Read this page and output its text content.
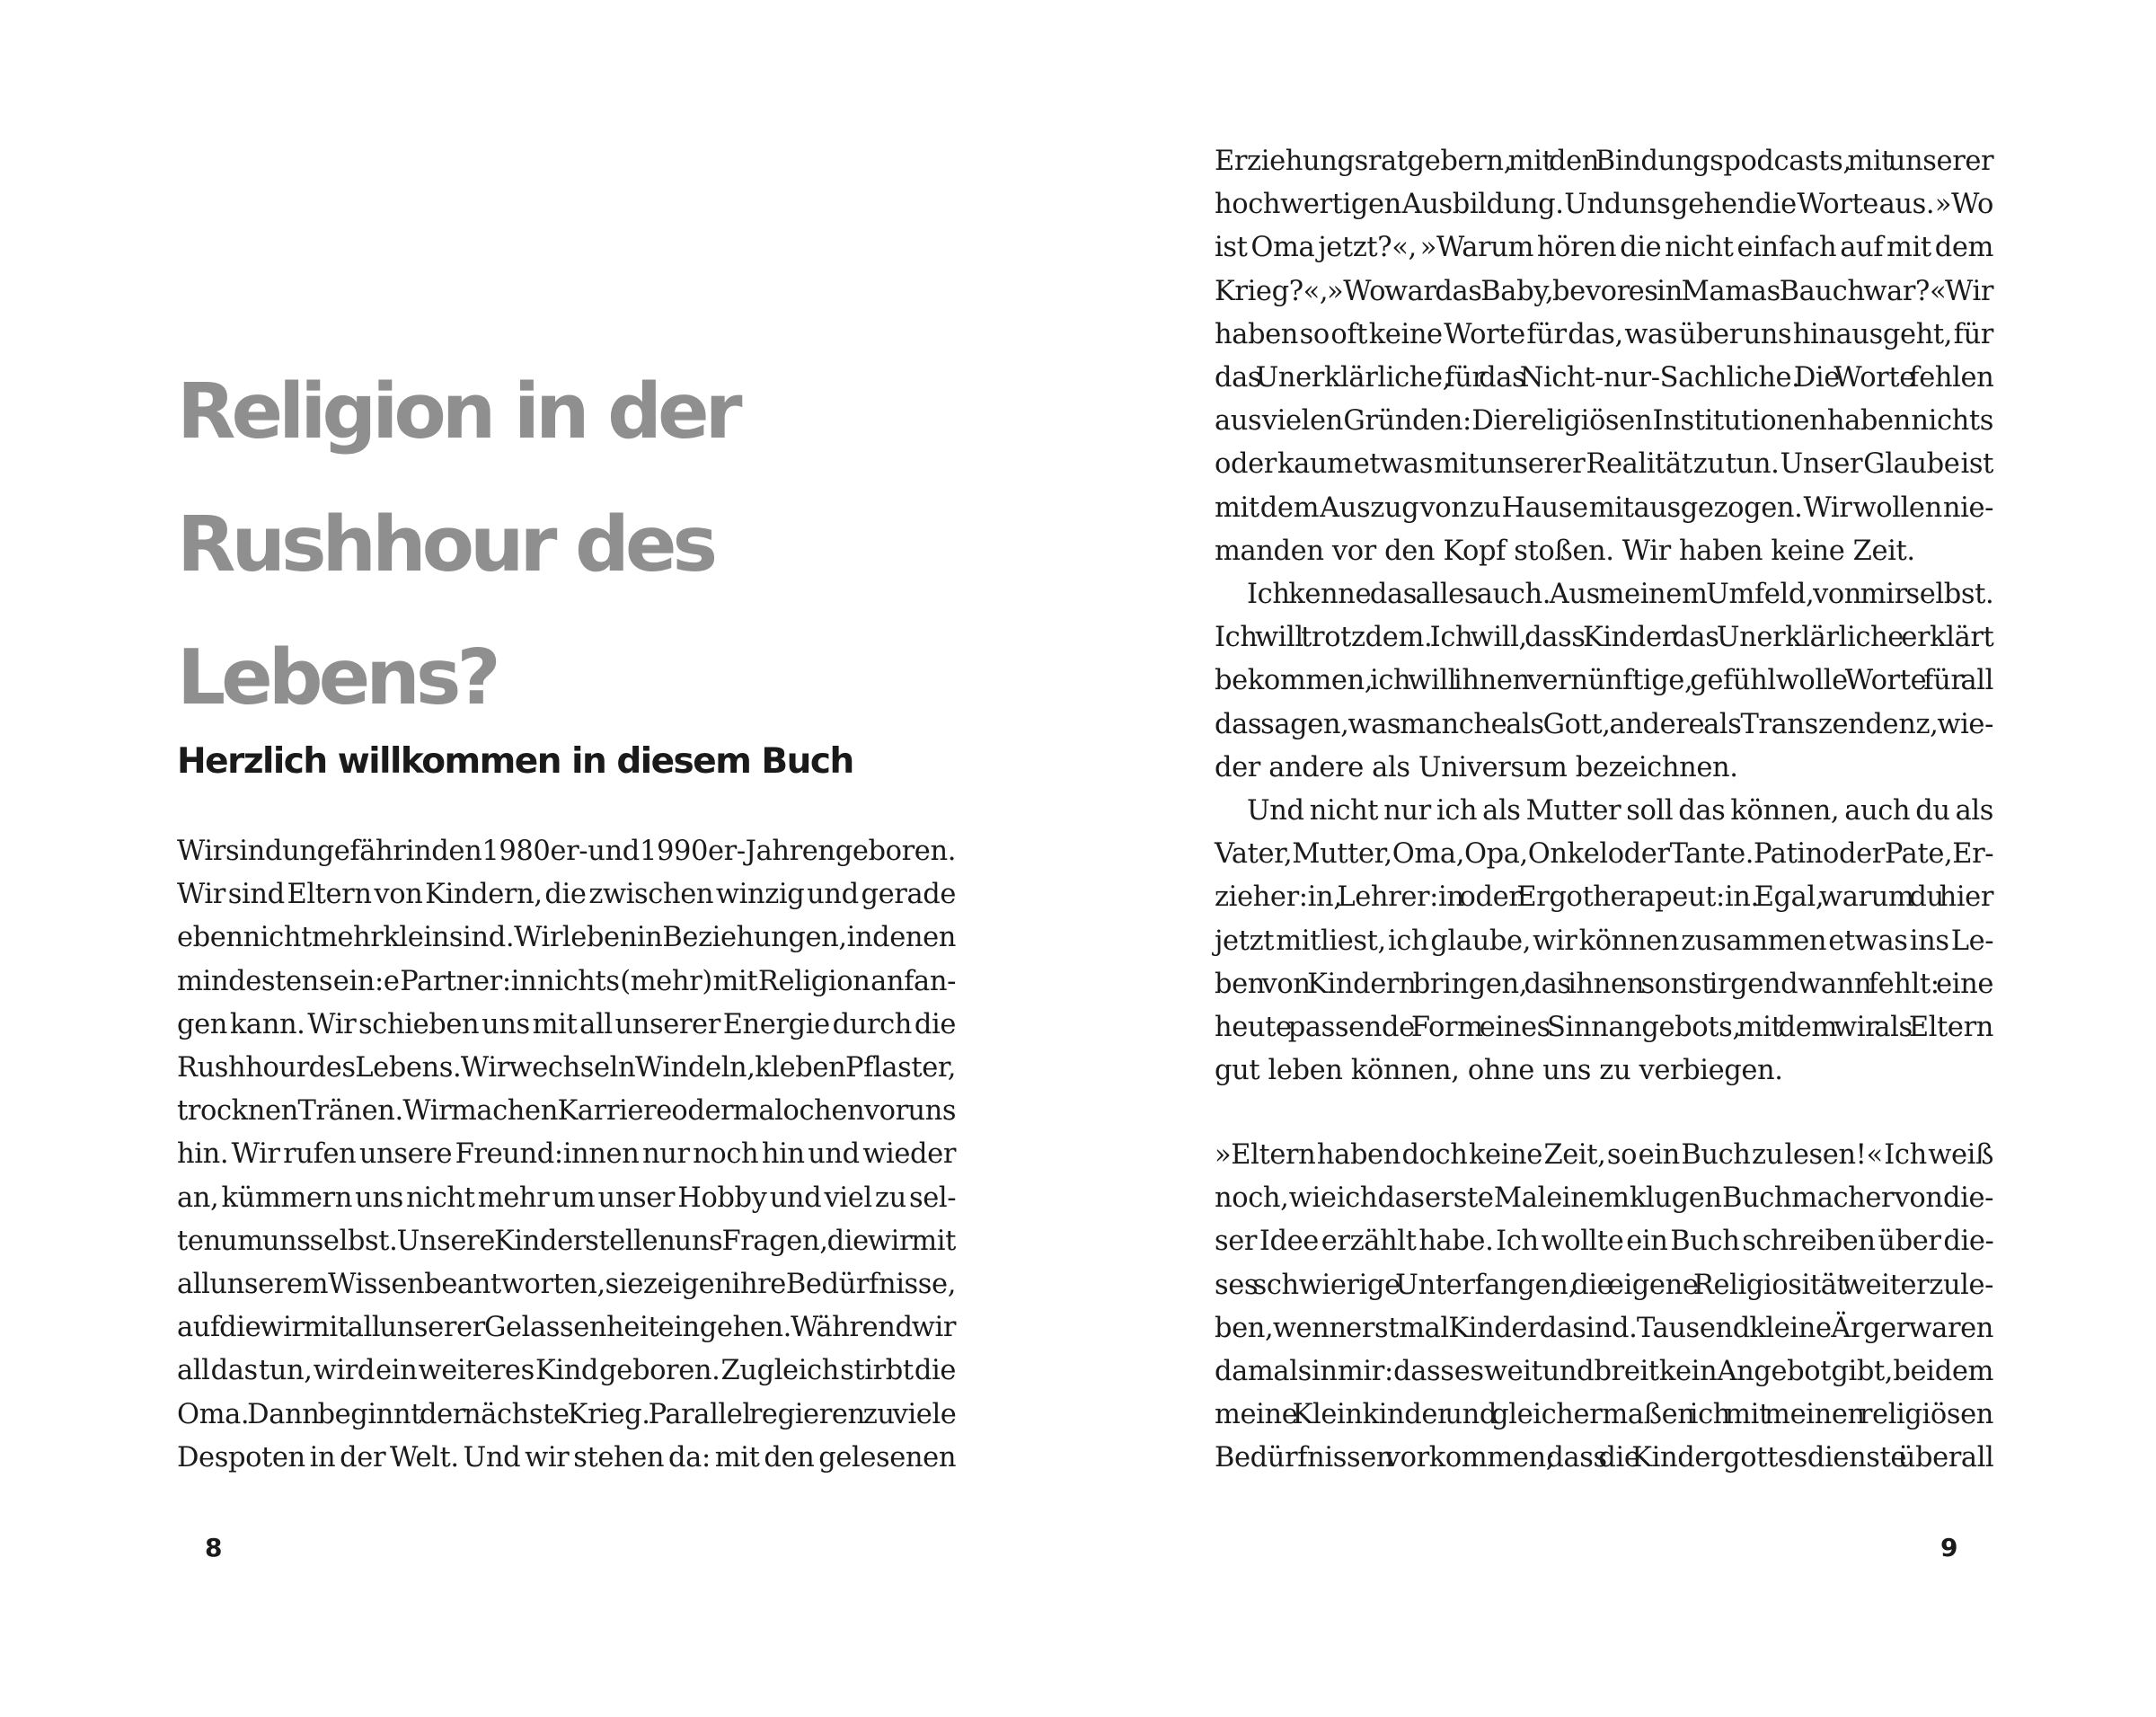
Religion in der
Rushhour des
Lebens?
Herzlich willkommen in diesem Buch
Wir sind ungefähr in den 1980er- und 1990er-Jahren geboren.
Wir sind Eltern von Kindern, die zwischen winzig und gerade
eben nicht mehr klein sind. Wir leben in Beziehungen, in denen
mindestens ein:e Partner:in nichts (mehr) mit Religion anfan-
gen kann. Wir schieben uns mit all unserer Energie durch die
Rushhour des Lebens. Wir wechseln Windeln, kleben Pflaster,
trocknen Tränen. Wir machen Karriere oder malochen vor uns
hin. Wir rufen unsere Freund:innen nur noch hin und wieder
an, kümmern uns nicht mehr um unser Hobby und viel zu sel-
ten um uns selbst. Unsere Kinder stellen uns Fragen, die wir mit
all unserem Wissen beantworten, sie zeigen ihre Bedürfnisse,
auf die wir mit all unserer Gelassenheit eingehen. Während wir
all das tun, wird ein weiteres Kind geboren. Zugleich stirbt die
Oma. Dann beginnt der nächste Krieg. Parallel regieren zu viele
Despoten in der Welt. Und wir stehen da: mit den gelesenen

8

Erziehungsratgebern, mit den Bindungspodcasts, mit unserer
hochwertigen Ausbildung. Und uns gehen die Worte aus. »Wo
ist Oma jetzt?«, »Warum hören die nicht einfach auf mit dem
Krieg?«, »Wo war das Baby, bevor es in Mamas Bauch war?« Wir
haben so oft keine Worte für das, was über uns hinausgeht, für
das Unerklärliche, für das Nicht-nur-Sachliche. Die Worte fehlen
aus vielen Gründen: Die religiösen Institutionen haben nichts
oder kaum etwas mit unserer Realität zu tun. Unser Glaube ist
mit dem Auszug von zu Hause mitausgezogen. Wir wollen nie-
manden vor den Kopf stoßen. Wir haben keine Zeit.
Ich kenne das alles auch. Aus meinem Umfeld, von mir selbst.
Ich will trotzdem. Ich will, dass Kinder das Unerklärliche erklärt
bekommen, ich will ihnen vernünftige, gefühlwolle Worte für all
das sagen, was manche als Gott, andere als Transzendenz, wie-
der andere als Universum bezeichnen.
Und nicht nur ich als Mutter soll das können, auch du als
Vater, Mutter, Oma, Opa, Onkel oder Tante. Patin oder Pate, Er-
zieher:in, Lehrer:in oder Ergotherapeut:in. Egal, warum du hier
jetzt mitliest, ich glaube, wir können zusammen etwas ins Le-
ben von Kindern bringen, das ihnen sonst irgendwann fehlt: eine
heute passende Form eines Sinnangebots, mit dem wir als Eltern
gut leben können, ohne uns zu verbiegen.
»Eltern haben doch keine Zeit, so ein Buch zu lesen!« Ich weiß
noch, wie ich das erste Mal einem klugen Buchmacher von die-
ser Idee erzählt habe. Ich wollte ein Buch schreiben über die-
ses schwierige Unterfangen, die eigene Religiosität weiterzule-
ben, wenn erstmal Kinder da sind. Tausend kleine Ärger waren
damals in mir: dass es weit und breit kein Angebot gibt, bei dem
meine Kleinkinder und gleichermaßen ich mit meinen religiösen
Bedürfnissen vorkommen; dass die Kindergottesdienste überall

9
